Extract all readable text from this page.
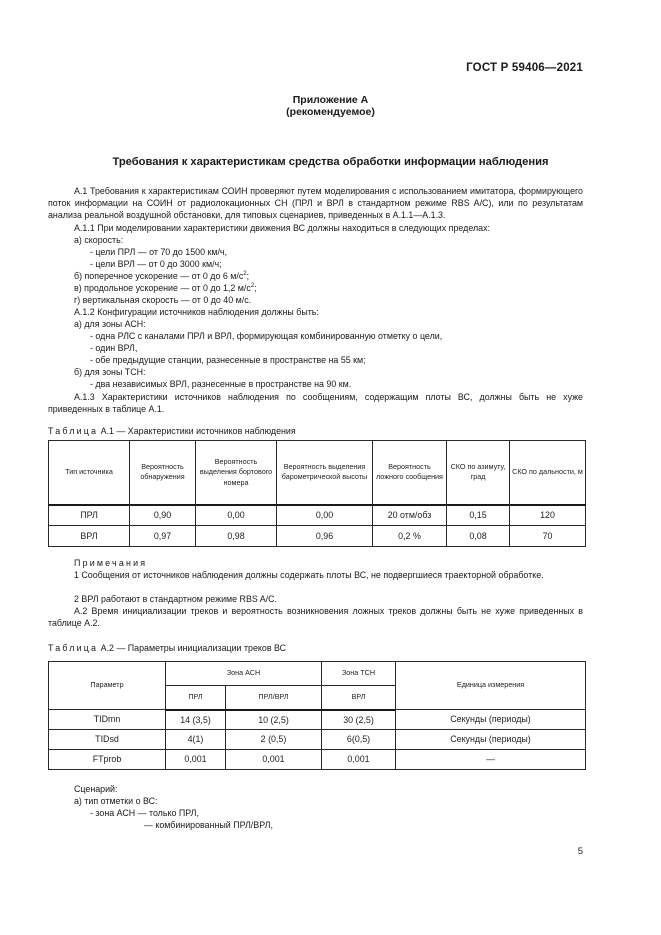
ГОСТ Р 59406—2021
Приложение А
(рекомендуемое)
Требования к характеристикам средства обработки информации наблюдения
А.1 Требования к характеристикам СОИН проверяют путем моделирования с использованием имитатора, формирующего поток информации на СОИН от радиолокационных СН (ПРЛ и ВРЛ в стандартном режиме RBS A/C), или по результатам анализа реальной воздушной обстановки, для типовых сценариев, приведенных в А.1.1—А.1.3.
А.1.1 При моделировании характеристики движения ВС должны находиться в следующих пределах:
а) скорость:
- цели ПРЛ — от 70 до 1500 км/ч,
- цели ВРЛ — от 0 до 3000 км/ч;
б) поперечное ускорение — от 0 до 6 $м/с^2$;
в) продольное ускорение — от 0 до 1,2 $м/с^2$;
г) вертикальная скорость — от 0 до 40 м/с.
А.1.2 Конфигурации источников наблюдения должны быть:
а) для зоны АСН:
- одна РЛС с каналами ПРЛ и ВРЛ, формирующая комбинированную отметку о цели,
- один ВРЛ,
- обе предыдущие станции, разнесенные в пространстве на 55 км;
б) для зоны ТСН:
- два независимых ВРЛ, разнесенные в пространстве на 90 км.
А.1.3 Характеристики источников наблюдения по сообщениям, содержащим плоты ВС, должны быть не хуже приведенных в таблице А.1.
Таблица А.1 — Характеристики источников наблюдения
Тип источника	Вероятность обнаружения	Вероятность выделения бортового номера	Вероятность выделения барометрической высоты	Вероятность ложного сообщения	СКО по азимуту, град	СКО по дальности, м
ПРЛ	0,90	0,00	0,00	20 отм/обз	0,15	120
ВРЛ	0,97	0,98	0,96	0,2 %	0,08	70
Примечания
1 Сообщения от источников наблюдения должны содержать плоты ВС, не подвергшиеся траекторной обработке.
2 ВРЛ работают в стандартном режиме RBS A/C.
А.2 Время инициализации треков и вероятность возникновения ложных треков должны быть не хуже приведенных в таблице А.2.
Таблица А.2 — Параметры инициализации треков ВС
Параметр	Зона АСН		Зона ТСН	Единица измерения
	ПРЛ	ПРЛ/ВРЛ	ВРЛ	
TIDmn	14 (3,5)	10 (2,5)	30 (2,5)	Секунды (периоды)
TIDsd	4(1)	2 (0,5)	6(0,5)	Секунды (периоды)
FTprob	0,001	0,001	0,001	—
Сценарий:
а) тип отметки о ВС:
- зона АСН — только ПРЛ,
— комбинированный ПРЛ/ВРЛ,
5
